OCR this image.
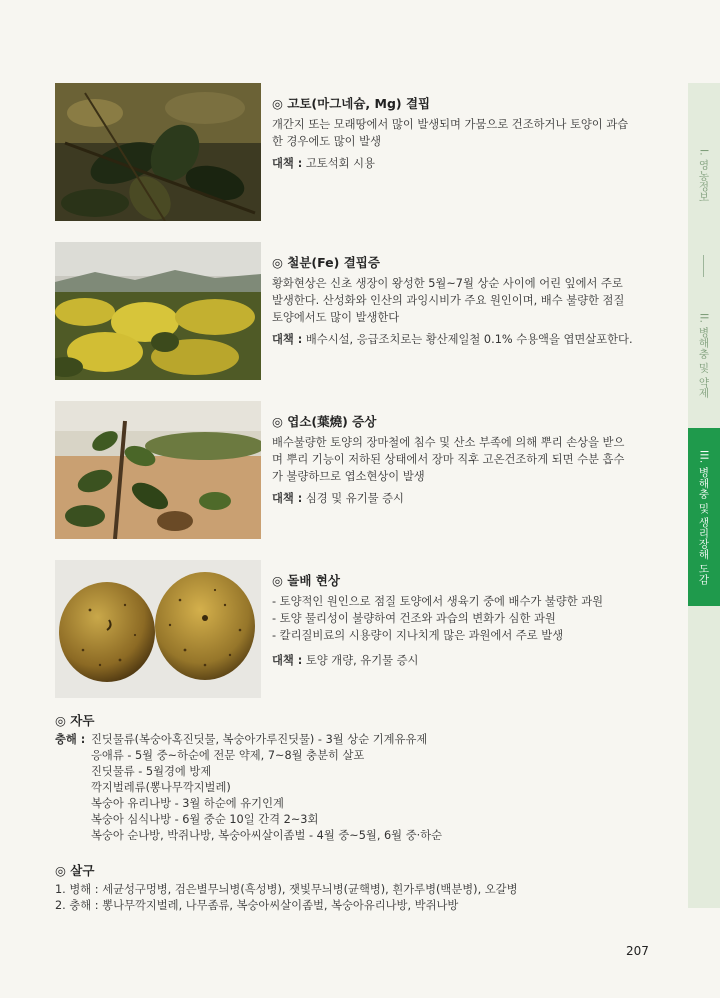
I. 영농정보
II. 병해충 및 약제
III. 병해충 및 생리장해 도감
◎ 고토(마그네슘, Mg) 결핍
개간지 또는 모래땅에서 많이 발생되며 가뭄으로 건조하거나 토양이 과습
한 경우에도 많이 발생
대책 : 고토석회 시용
◎ 철분(Fe) 결핍증
황화현상은 신초 생장이 왕성한 5월~7월 상순 사이에 어린 잎에서 주로
발생한다. 산성화와 인산의 과잉시비가 주요 원인이며, 배수 불량한 점질
토양에서도 많이 발생한다
대책 : 배수시설, 응급조치로는 황산제일철 0.1% 수용액을 엽면살포한다.
◎ 엽소(葉燒) 증상
배수불량한 토양의 장마철에 침수 및 산소 부족에 의해 뿌리 손상을 받으
며 뿌리 기능이 저하된 상태에서 장마 직후 고온건조하게 되면 수분 흡수
가 불량하므로 엽소현상이 발생
대책 : 심경 및 유기물 증시
◎ 돌배 현상
- 토양적인 원인으로 점질 토양에서 생육기 중에 배수가 불량한 과원
- 토양 물리성이 불량하여 건조와 과습의 변화가 심한 과원
- 칼리질비료의 시용량이 지나치게 많은 과원에서 주로 발생
대책 : 토양 개량, 유기물 증시
◎ 자두
충해 : 진딧물류(복숭아혹진딧물, 복숭아가루진딧물) - 3월 상순 기계유유제
응애류 - 5월 중~하순에 전문 약제, 7~8월 충분히 살포
진딧물류 - 5월경에 방제
깍지벌레류(뽕나무깍지벌레)
복숭아 유리나방 - 3월 하순에 유기인계
복숭아 심식나방 - 6월 중순 10일 간격 2~3회
복숭아 순나방, 박쥐나방, 복숭아씨살이좀벌 - 4월 중~5월, 6월 중·하순
◎ 살구
1. 병해 : 세균성구멍병, 검은별무늬병(흑성병), 잿빛무늬병(균핵병), 흰가루병(백분병), 오갈병
2. 충해 : 뽕나무깍지벌레, 나무좀류, 복숭아씨살이좀벌, 복숭아유리나방, 박쥐나방
207
